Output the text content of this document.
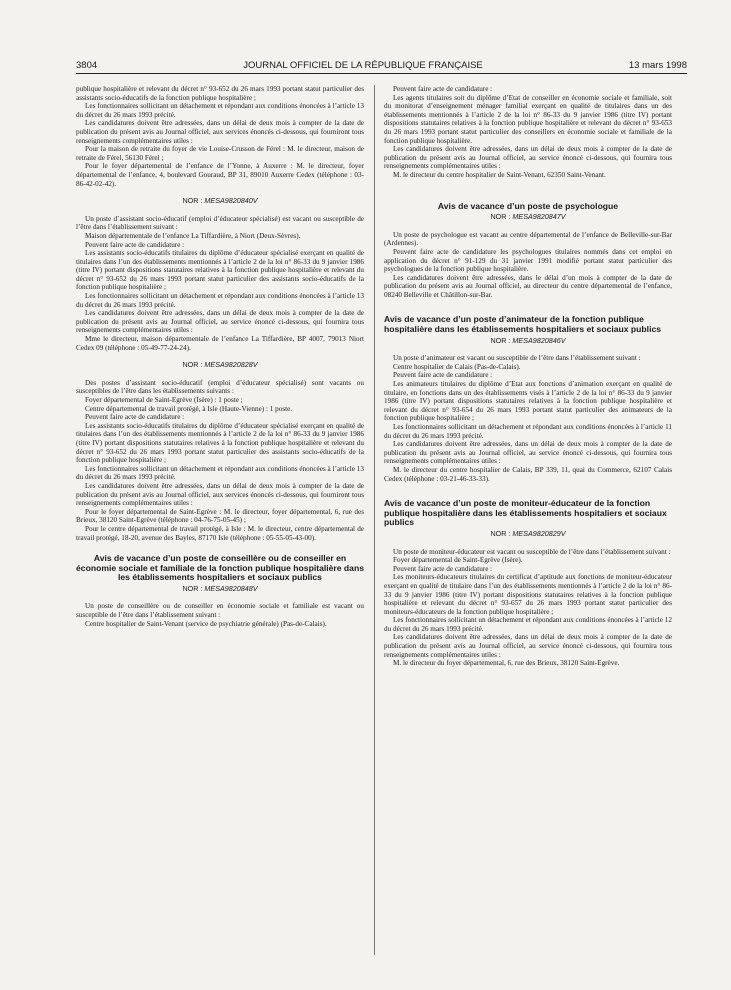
3804	JOURNAL OFFICIEL DE LA RÉPUBLIQUE FRANÇAISE	13 mars 1998

publique hospitalière et relevant du décret n° 93-652 du 26 mars 1993 portant statut particulier des assistants socio-éducatifs de la fonction publique hospitalière ;

Les fonctionnaires sollicitant un détachement et répondant aux conditions énoncées à l’article 13 du décret du 26 mars 1993 précité.

Les candidatures doivent être adressées, dans un délai de deux mois à compter de la date de publication du présent avis au Journal officiel, aux services énoncés ci-dessous, qui fourniront tous renseignements complémentaires utiles :

Pour la maison de retraite du foyer de vie Louise-Crusson de Férel : M. le directeur, maison de retraite de Férel, 56130 Férel ;

Pour le foyer départemental de l’enfance de l’Yonne, à Auxerre : M. le directeur, foyer départemental de l’enfance, 4, boulevard Gouraud, BP 31, 89010 Auxerre Cedex (téléphone : 03-86-42-02-42).

NOR : MESA9820840V

Un poste d’assistant socio-éducatif (emploi d’éducateur spécialisé) est vacant ou susceptible de l’être dans l’établissement suivant :

Maison départementale de l’enfance La Tiffardière, à Niort (Deux-Sèvres).

Peuvent faire acte de candidature :

Les assistants socio-éducatifs titulaires du diplôme d’éducateur spécialisé exerçant en qualité de titulaires dans l’un des établissements mentionnés à l’article 2 de la loi n° 86-33 du 9 janvier 1986 (titre IV) portant dispositions statutaires relatives à la fonction publique hospitalière et relevant du décret n° 93-652 du 26 mars 1993 portant statut particulier des assistants socio-éducatifs de la fonction publique hospitalière ;

Les fonctionnaires sollicitant un détachement et répondant aux conditions énoncées à l’article 13 du décret du 26 mars 1993 précité.

Les candidatures doivent être adressées, dans un délai de deux mois à compter de la date de publication du présent avis au Journal officiel, au service énoncé ci-dessous, qui fournira tous renseignements complémentaires utiles :

Mme le directeur, maison départementale de l’enfance La Tiffardière, BP 4007, 79013 Niort Cedex 09 (téléphone : 05-49-77-24-24).

NOR : MESA9820828V

Des postes d’assistant socio-éducatif (emploi d’éducateur spécialisé) sont vacants ou susceptibles de l’être dans les établissements suivants :

Foyer départemental de Saint-Egrève (Isère) : 1 poste ;

Centre départemental de travail protégé, à Isle (Haute-Vienne) : 1 poste.

Peuvent faire acte de candidature :

Les assistants socio-éducatifs titulaires du diplôme d’éducateur spécialisé exerçant en qualité de titulaires dans l’un des établissements mentionnés à l’article 2 de la loi n° 86-33 du 9 janvier 1986 (titre IV) portant dispositions statutaires relatives à la fonction publique hospitalière et relevant du décret n° 93-652 du 26 mars 1993 portant statut particulier des assistants socio-éducatifs de la fonction publique hospitalière ;

Les fonctionnaires sollicitant un détachement et répondant aux conditions énoncées à l’article 13 du décret du 26 mars 1993 précité.

Les candidatures doivent être adressées, dans un délai de deux mois à compter de la date de publication du présent avis au Journal officiel, aux services énoncés ci-dessous, qui fourniront tous renseignements complémentaires utiles :

Pour le foyer départemental de Saint-Egrève : M. le directeur, foyer départemental, 6, rue des Brieux, 38120 Saint-Egrève (téléphone : 04-76-75-05-45) ;

Pour le centre départemental de travail protégé, à Isle : M. le directeur, centre départemental de travail protégé, 18-20, avenue des Bayles, 87170 Isle (téléphone : 05-55-05-43-00).

Avis de vacance d’un poste de conseillère ou de conseiller en économie sociale et familiale de la fonction publique hospitalière dans les établissements hospitaliers et sociaux publics

NOR : MESA9820848V

Un poste de conseillère ou de conseiller en économie sociale et familiale est vacant ou susceptible de l’être dans l’établissement suivant :

Centre hospitalier de Saint-Venant (service de psychiatrie générale) (Pas-de-Calais).

Peuvent faire acte de candidature :

Les agents titulaires soit du diplôme d’Etat de conseiller en économie sociale et familiale, soit du monitorat d’enseignement ménager familial exerçant en qualité de titulaires dans un des établissements mentionnés à l’article 2 de la loi n° 86-33 du 9 janvier 1986 (titre IV) portant dispositions statutaires relatives à la fonction publique hospitalière et relevant du décret n° 93-653 du 26 mars 1993 portant statut particulier des conseillers en économie sociale et familiale de la fonction publique hospitalière.

Les candidatures doivent être adressées, dans un délai de deux mois à compter de la date de publication du présent avis au Journal officiel, au service énoncé ci-dessous, qui fournira tous renseignements complémentaires utiles :

M. le directeur du centre hospitalier de Saint-Venant, 62350 Saint-Venant.

Avis de vacance d’un poste de psychologue

NOR : MESA9820847V

Un poste de psychologue est vacant au centre départemental de l’enfance de Belleville-sur-Bar (Ardennes).

Peuvent faire acte de candidature les psychologues titulaires nommés dans cet emploi en application du décret n° 91-129 du 31 janvier 1991 modifié portant statut particulier des psychologues de la fonction publique hospitalière.

Les candidatures doivent être adressées, dans le délai d’un mois à compter de la date de publication du présent avis au Journal officiel, au directeur du centre départemental de l’enfance, 08240 Belleville et Châtillon-sur-Bar.

Avis de vacance d’un poste d’animateur de la fonction publique hospitalière dans les établissements hospitaliers et sociaux publics

NOR : MESA9820846V

Un poste d’animateur est vacant ou susceptible de l’être dans l’établissement suivant :

Centre hospitalier de Calais (Pas-de-Calais).

Peuvent faire acte de candidature :

Les animateurs titulaires du diplôme d’Etat aux fonctions d’animation exerçant en qualité de titulaire, en fonctions dans un des établissements visés à l’article 2 de la loi n° 86-33 du 9 janvier 1986 (titre IV) portant dispositions statutaires relatives à la fonction publique hospitalière et relevant du décret n° 93-654 du 26 mars 1993 portant statut particulier des animateurs de la fonction publique hospitalière ;

Les fonctionnaires sollicitant un détachement et répondant aux conditions énoncées à l’article 11 du décret du 26 mars 1993 précité.

Les candidatures doivent être adressées, dans un délai de deux mois à compter de la date de publication du présent avis au Journal officiel, au service énoncé ci-dessous, qui fournira tous renseignements complémentaires utiles :

M. le directeur du centre hospitalier de Calais, BP 339, 11, quai du Commerce, 62107 Calais Cedex (téléphone : 03-21-46-33-33).

Avis de vacance d’un poste de moniteur-éducateur de la fonction publique hospitalière dans les établissements hospitaliers et sociaux publics

NOR : MESA9820829V

Un poste de moniteur-éducateur est vacant ou susceptible de l’être dans l’établissement suivant :

Foyer départemental de Saint-Egrève (Isère).

Peuvent faire acte de candidature :

Les moniteurs-éducateurs titulaires du certificat d’aptitude aux fonctions de moniteur-éducateur exerçant en qualité de titulaire dans l’un des établissements mentionnés à l’article 2 de la loi n° 86-33 du 9 janvier 1986 (titre IV) portant dispositions statutaires relatives à la fonction publique hospitalière et relevant du décret n° 93-657 du 26 mars 1993 portant statut particulier des moniteurs-éducateurs de la fonction publique hospitalière ;

Les fonctionnaires sollicitant un détachement et répondant aux conditions énoncées à l’article 12 du décret du 26 mars 1993 précité.

Les candidatures doivent être adressées, dans un délai de deux mois à compter de la date de publication du présent avis au Journal officiel, au service énoncé ci-dessous, qui fournira tous renseignements complémentaires utiles :

M. le directeur du foyer départemental, 6, rue des Brieux, 38120 Saint-Egrève.
